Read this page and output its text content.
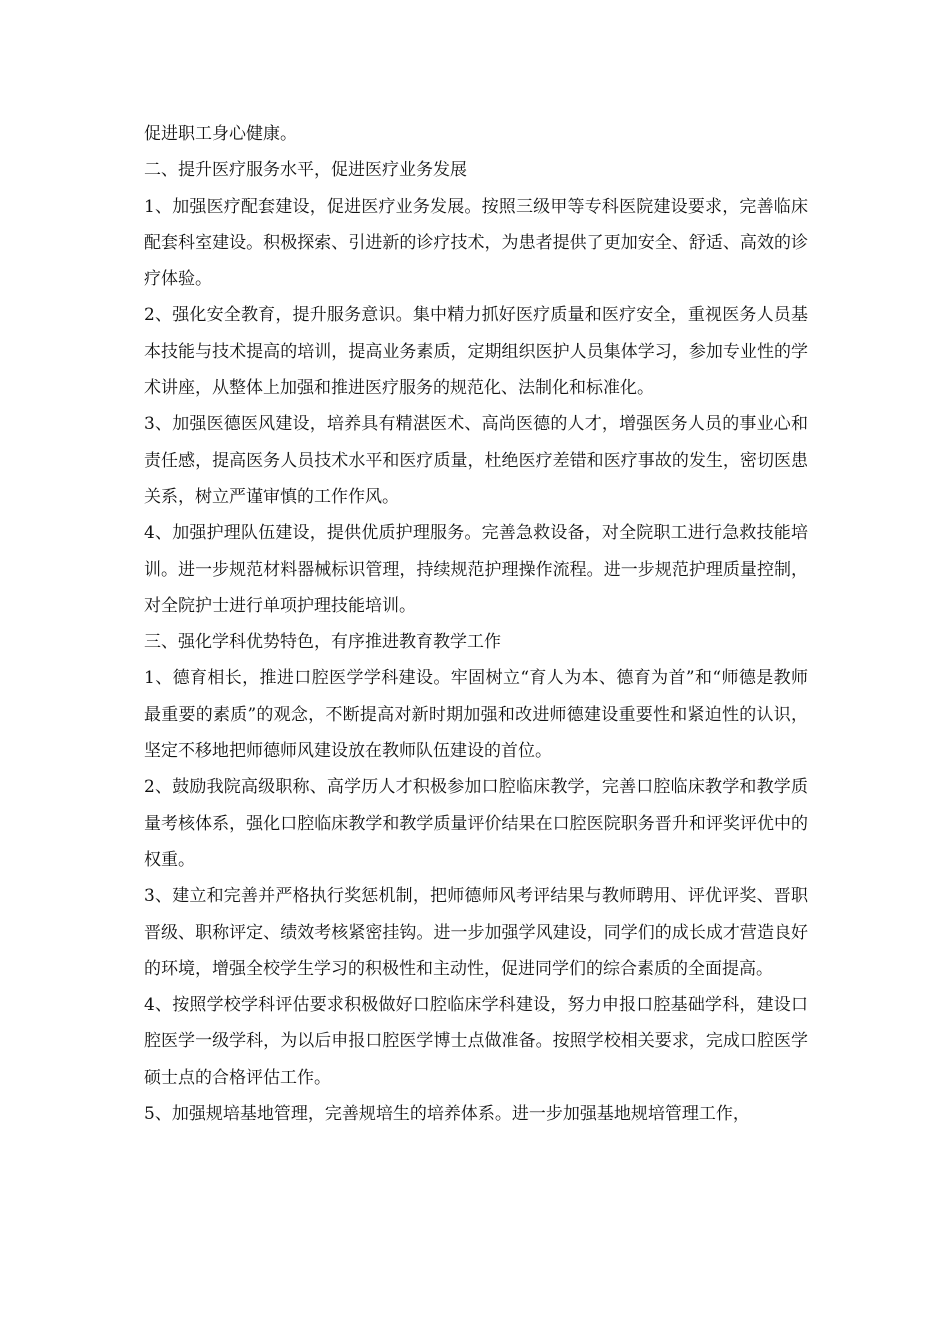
促进职工身心健康。

二、提升医疗服务水平，促进医疗业务发展

1、加强医疗配套建设，促进医疗业务发展。按照三级甲等专科医院建设要求，完善临床配套科室建设。积极探索、引进新的诊疗技术，为患者提供了更加安全、舒适、高效的诊疗体验。

2、强化安全教育，提升服务意识。集中精力抓好医疗质量和医疗安全，重视医务人员基本技能与技术提高的培训，提高业务素质，定期组织医护人员集体学习，参加专业性的学术讲座，从整体上加强和推进医疗服务的规范化、法制化和标准化。

3、加强医德医风建设，培养具有精湛医术、高尚医德的人才，增强医务人员的事业心和责任感，提高医务人员技术水平和医疗质量，杜绝医疗差错和医疗事故的发生，密切医患关系，树立严谨审慎的工作作风。

4、加强护理队伍建设，提供优质护理服务。完善急救设备，对全院职工进行急救技能培训。进一步规范材料器械标识管理，持续规范护理操作流程。进一步规范护理质量控制，对全院护士进行单项护理技能培训。

三、强化学科优势特色，有序推进教育教学工作

1、德育相长，推进口腔医学学科建设。牢固树立“育人为本、德育为首”和“师德是教师最重要的素质”的观念，不断提高对新时期加强和改进师德建设重要性和紧迫性的认识，坚定不移地把师德师风建设放在教师队伍建设的首位。

2、鼓励我院高级职称、高学历人才积极参加口腔临床教学，完善口腔临床教学和教学质量考核体系，强化口腔临床教学和教学质量评价结果在口腔医院职务晋升和评奖评优中的权重。

3、建立和完善并严格执行奖惩机制，把师德师风考评结果与教师聘用、评优评奖、晋职晋级、职称评定、绩效考核紧密挂钩。进一步加强学风建设，同学们的成长成才营造良好的环境，增强全校学生学习的积极性和主动性，促进同学们的综合素质的全面提高。

4、按照学校学科评估要求积极做好口腔临床学科建设，努力申报口腔基础学科，建设口腔医学一级学科，为以后申报口腔医学博士点做准备。按照学校相关要求，完成口腔医学硕士点的合格评估工作。

5、加强规培基地管理，完善规培生的培养体系。进一步加强基地规培管理工作，
